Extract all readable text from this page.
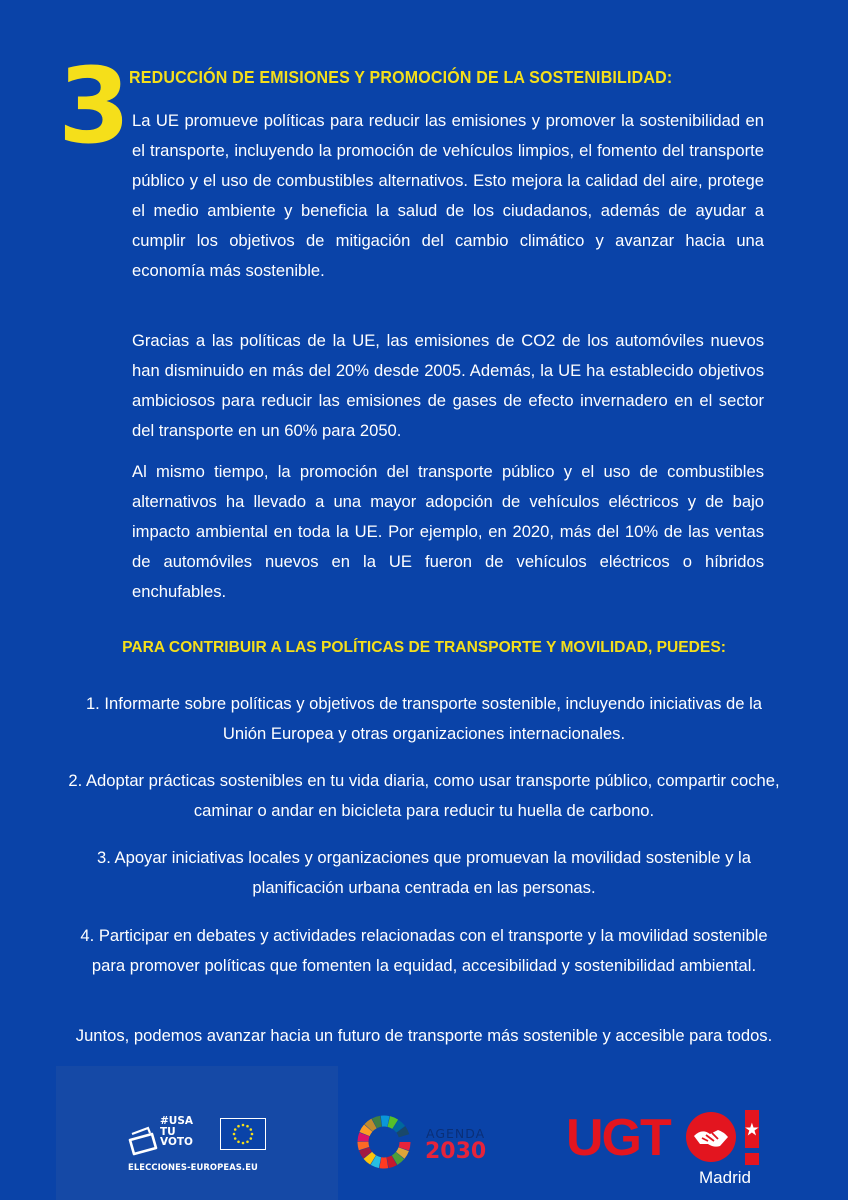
3
REDUCCIÓN DE EMISIONES Y PROMOCIÓN DE LA SOSTENIBILIDAD:
La UE promueve políticas para reducir las emisiones y promover la sostenibilidad en el transporte, incluyendo la promoción de vehículos limpios, el fomento del transporte público y el uso de combustibles alternativos. Esto mejora la calidad del aire, protege el medio ambiente y beneficia la salud de los ciudadanos, además de ayudar a cumplir los objetivos de mitigación del cambio climático y avanzar hacia una economía más sostenible.
Gracias a las políticas de la UE, las emisiones de CO2 de los automóviles nuevos han disminuido en más del 20% desde 2005. Además, la UE ha establecido objetivos ambiciosos para reducir las emisiones de gases de efecto invernadero en el sector del transporte en un 60% para 2050.
Al mismo tiempo, la promoción del transporte público y el uso de combustibles alternativos ha llevado a una mayor adopción de vehículos eléctricos y de bajo impacto ambiental en toda la UE. Por ejemplo, en 2020, más del 10% de las ventas de automóviles nuevos en la UE fueron de vehículos eléctricos o híbridos enchufables.
PARA CONTRIBUIR A LAS POLÍTICAS DE TRANSPORTE Y MOVILIDAD, PUEDES:
1. Informarte sobre políticas y objetivos de transporte sostenible, incluyendo iniciativas de la Unión Europea y otras organizaciones internacionales.
2. Adoptar prácticas sostenibles en tu vida diaria, como usar transporte público, compartir coche, caminar o andar en bicicleta para reducir tu huella de carbono.
3. Apoyar iniciativas locales y organizaciones que promuevan la movilidad sostenible y la planificación urbana centrada en las personas.
4. Participar en debates y actividades relacionadas con el transporte y la movilidad sostenible para promover políticas que fomenten la equidad, accesibilidad y sostenibilidad ambiental.
Juntos, podemos avanzar hacia un futuro de transporte más sostenible y accesible para todos.
#USA
TU
VOTO
ELECCIONES-EUROPEAS.EU
AGENDA
2030 UGT
Madrid
